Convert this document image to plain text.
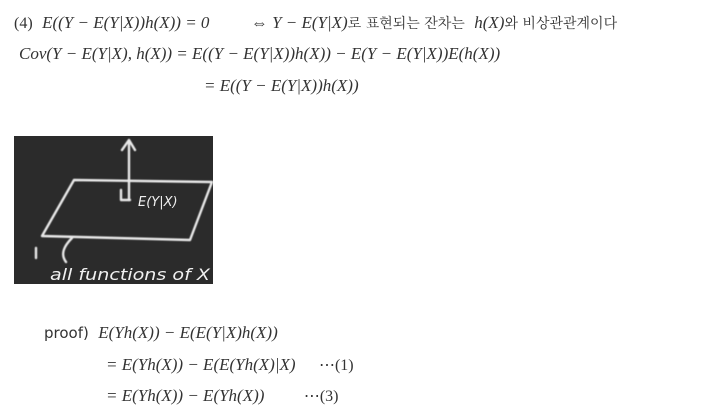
(4) E((Y − E(Y|X))h(X)) = 0 ⇔ Y − E(Y|X)로 표현되는 잔차는 h(X)와 비상관관계이다
Cov(Y − E(Y|X), h(X)) = E((Y − E(Y|X))h(X)) − E(Y − E(Y|X))E(h(X))
= E((Y − E(Y|X))h(X))
E(Y|X)
all functions of X
proof) E(Yh(X)) − E(E(Y|X)h(X))
= E(Yh(X)) − E(E(Yh(X)|X) ⋯(1)
= E(Yh(X)) − E(Yh(X)) ⋯(3)
